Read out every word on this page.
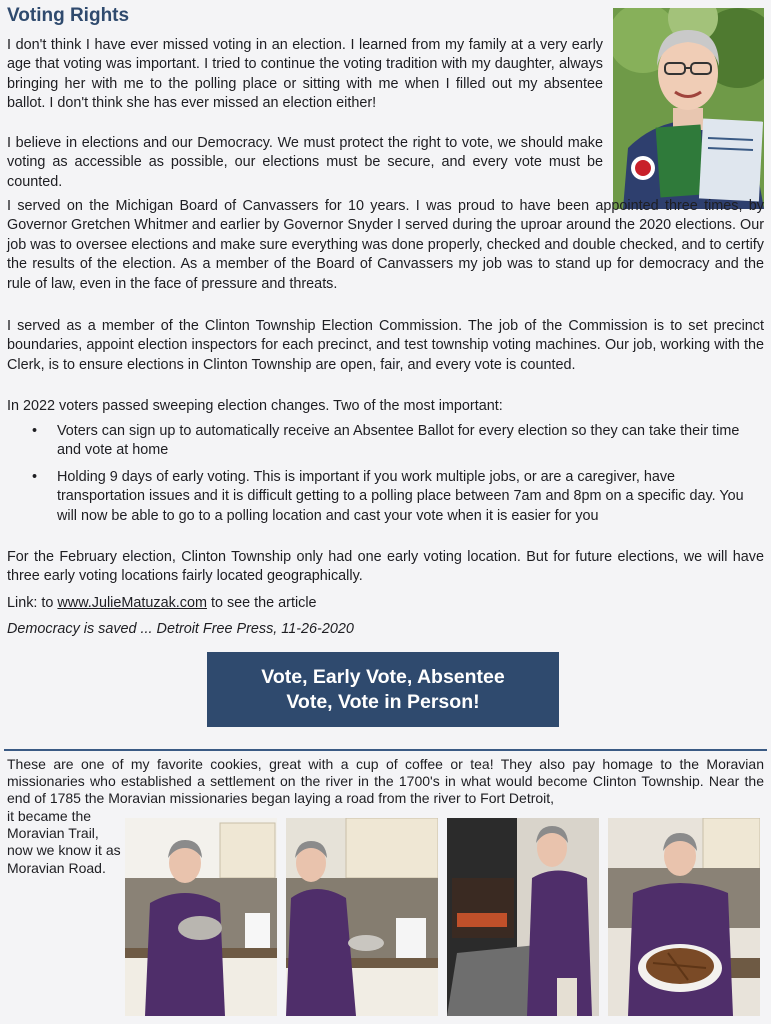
Voting Rights

I don't think I have ever missed voting in an election. I learned from my family at a very early age that voting was important. I tried to continue the voting tradition with my daughter, always bringing her with me to the polling place or sitting with me when I filled out my absentee ballot. I don't think she has ever missed an election either!

I believe in elections and our Democracy. We must protect the right to vote, we should make voting as accessible as possible, our elections must be secure, and every vote must be counted.

I served on the Michigan Board of Canvassers for 10 years. I was proud to have been appointed three times, by Governor Gretchen Whitmer and earlier by Governor Snyder I served during the uproar around the 2020 elections. Our job was to oversee elections and make sure everything was done properly, checked and double checked, and to certify the results of the election. As a member of the Board of Canvassers my job was to stand up for democracy and the rule of law, even in the face of pressure and threats.

I served as a member of the Clinton Township Election Commission. The job of the Commission is to set precinct boundaries, appoint election inspectors for each precinct, and test township voting machines. Our job, working with the Clerk, is to ensure elections in Clinton Township are open, fair, and every vote is counted.

In 2022 voters passed sweeping election changes. Two of the most important:

• Voters can sign up to automatically receive an Absentee Ballot for every election so they can take their time and vote at home
• Holding 9 days of early voting. This is important if you work multiple jobs, or are a caregiver, have transportation issues and it is difficult getting to a polling place between 7am and 8pm on a specific day. You will now be able to go to a polling location and cast your vote when it is easier for you

For the February election, Clinton Township only had one early voting location. But for future elections, we will have three early voting locations fairly located geographically.

Link: to www.JulieMatuzak.com to see the article

Democracy is saved ... Detroit Free Press, 11-26-2020

Vote, Early Vote, Absentee
Vote, Vote in Person!

These are one of my favorite cookies, great with a cup of coffee or tea! They also pay homage to the Moravian missionaries who established a settlement on the river in the 1700's in what would become Clinton Township. Near the end of 1785 the Moravian missionaries began laying a road from the river to Fort Detroit,

it became the Moravian Trail, now we know it as Moravian Road.
